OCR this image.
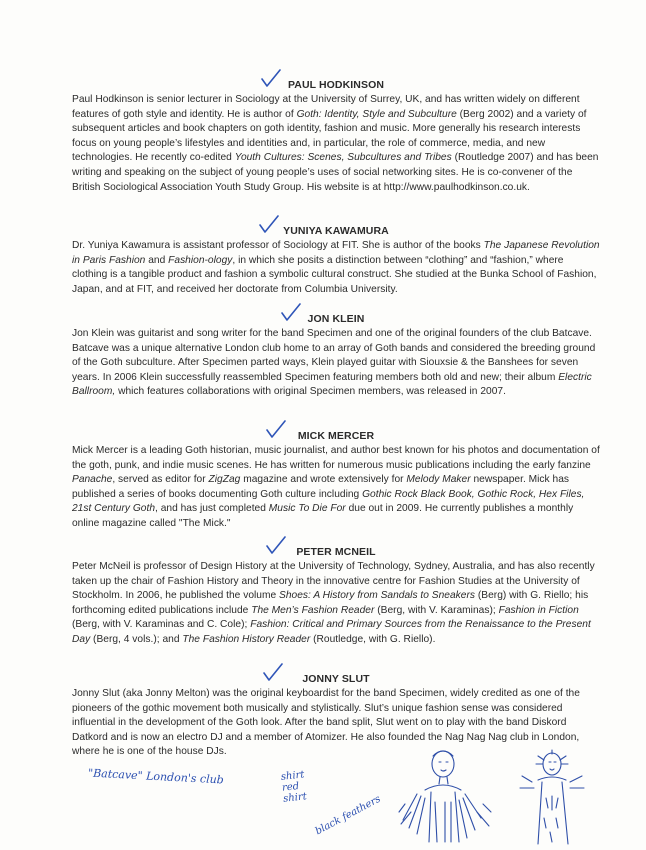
PAUL HODKINSON

Paul Hodkinson is senior lecturer in Sociology at the University of Surrey, UK, and has written widely on different features of goth style and identity. He is author of Goth: Identity, Style and Subculture (Berg 2002) and a variety of subsequent articles and book chapters on goth identity, fashion and music. More generally his research interests focus on young people’s lifestyles and identities and, in particular, the role of commerce, media, and new technologies. He recently co-edited Youth Cultures: Scenes, Subcultures and Tribes (Routledge 2007) and has been writing and speaking on the subject of young people’s uses of social networking sites. He is co-convener of the British Sociological Association Youth Study Group. His website is at http://www.paulhodkinson.co.uk.

YUNIYA KAWAMURA

Dr. Yuniya Kawamura is assistant professor of Sociology at FIT. She is author of the books The Japanese Revolution in Paris Fashion and Fashion-ology, in which she posits a distinction between “clothing” and “fashion,” where clothing is a tangible product and fashion a symbolic cultural construct. She studied at the Bunka School of Fashion, Japan, and at FIT, and received her doctorate from Columbia University.

JON KLEIN

Jon Klein was guitarist and song writer for the band Specimen and one of the original founders of the club Batcave. Batcave was a unique alternative London club home to an array of Goth bands and considered the breeding ground of the Goth subculture. After Specimen parted ways, Klein played guitar with Siouxsie & the Banshees for seven years. In 2006 Klein successfully reassembled Specimen featuring members both old and new; their album Electric Ballroom, which features collaborations with original Specimen members, was released in 2007.

MICK MERCER

Mick Mercer is a leading Goth historian, music journalist, and author best known for his photos and documentation of the goth, punk, and indie music scenes. He has written for numerous music publications including the early fanzine Panache, served as editor for ZigZag magazine and wrote extensively for Melody Maker newspaper. Mick has published a series of books documenting Goth culture including Gothic Rock Black Book, Gothic Rock, Hex Files, 21st Century Goth, and has just completed Music To Die For due out in 2009. He currently publishes a monthly online magazine called "The Mick."

PETER MCNEIL

Peter McNeil is professor of Design History at the University of Technology, Sydney, Australia, and has also recently taken up the chair of Fashion History and Theory in the innovative centre for Fashion Studies at the University of Stockholm. In 2006, he published the volume Shoes: A History from Sandals to Sneakers (Berg) with G. Riello; his forthcoming edited publications include The Men’s Fashion Reader (Berg, with V. Karaminas); Fashion in Fiction (Berg, with V. Karaminas and C. Cole); Fashion: Critical and Primary Sources from the Renaissance to the Present Day (Berg, 4 vols.); and The Fashion History Reader (Routledge, with G. Riello).

JONNY SLUT

Jonny Slut (aka Jonny Melton) was the original keyboardist for the band Specimen, widely credited as one of the pioneers of the gothic movement both musically and stylistically. Slut’s unique fashion sense was considered influential in the development of the Goth look. After the band split, Slut went on to play with the band Diskord Datkord and is now an electro DJ and a member of Atomizer. He also founded the Nag Nag Nag club in London, where he is one of the house DJs.

"Batcave" London's club	shirt red shirt black feathers
